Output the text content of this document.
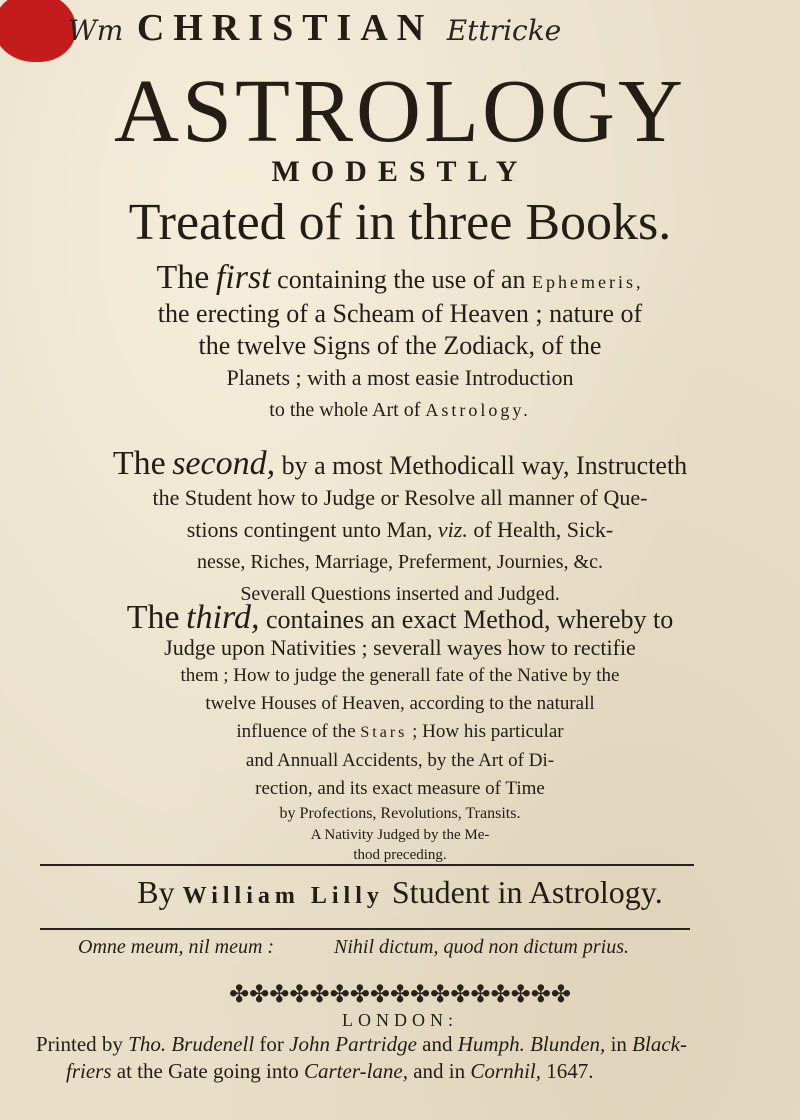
Wm CHRISTIAN Ettricke
ASTROLOGY
MODESTLY
Treated of in three Books.
The first containing the use of an Ephemeris,
the erecting of a Scheam of Heaven ; nature of
the twelve Signs of the Zodiack, of the
Planets ; with a most easie Introduction
to the whole Art of Astrology.
The second, by a most Methodicall way, Instructeth
the Student how to Judge or Resolve all manner of Que-
stions contingent unto Man, viz. of Health, Sick-
nesse, Riches, Marriage, Preferment, Journies, &c.
Severall Questions inserted and Judged.
The third, containes an exact Method, whereby to
Judge upon Nativities ; severall wayes how to rectifie
them ; How to judge the generall fate of the Native by the
twelve Houses of Heaven, according to the naturall
influence of the Stars ; How his particular
and Annuall Accidents, by the Art of Di-
rection, and its exact measure of Time
by Profections, Revolutions, Transits.
A Nativity Judged by the Me-
thod preceding.
By William Lilly Student in Astrology.
Omne meum, nil meum :	Nihil dictum, quod non dictum prius.
✤✤✤✤✤✤✤✤✤✤✤✤✤✤✤✤✤
LONDON:
Printed by Tho. Brudenell for John Partridge and Humph. Blunden, in Black-
friers at the Gate going into Carter-lane, and in Cornhil, 1647.
